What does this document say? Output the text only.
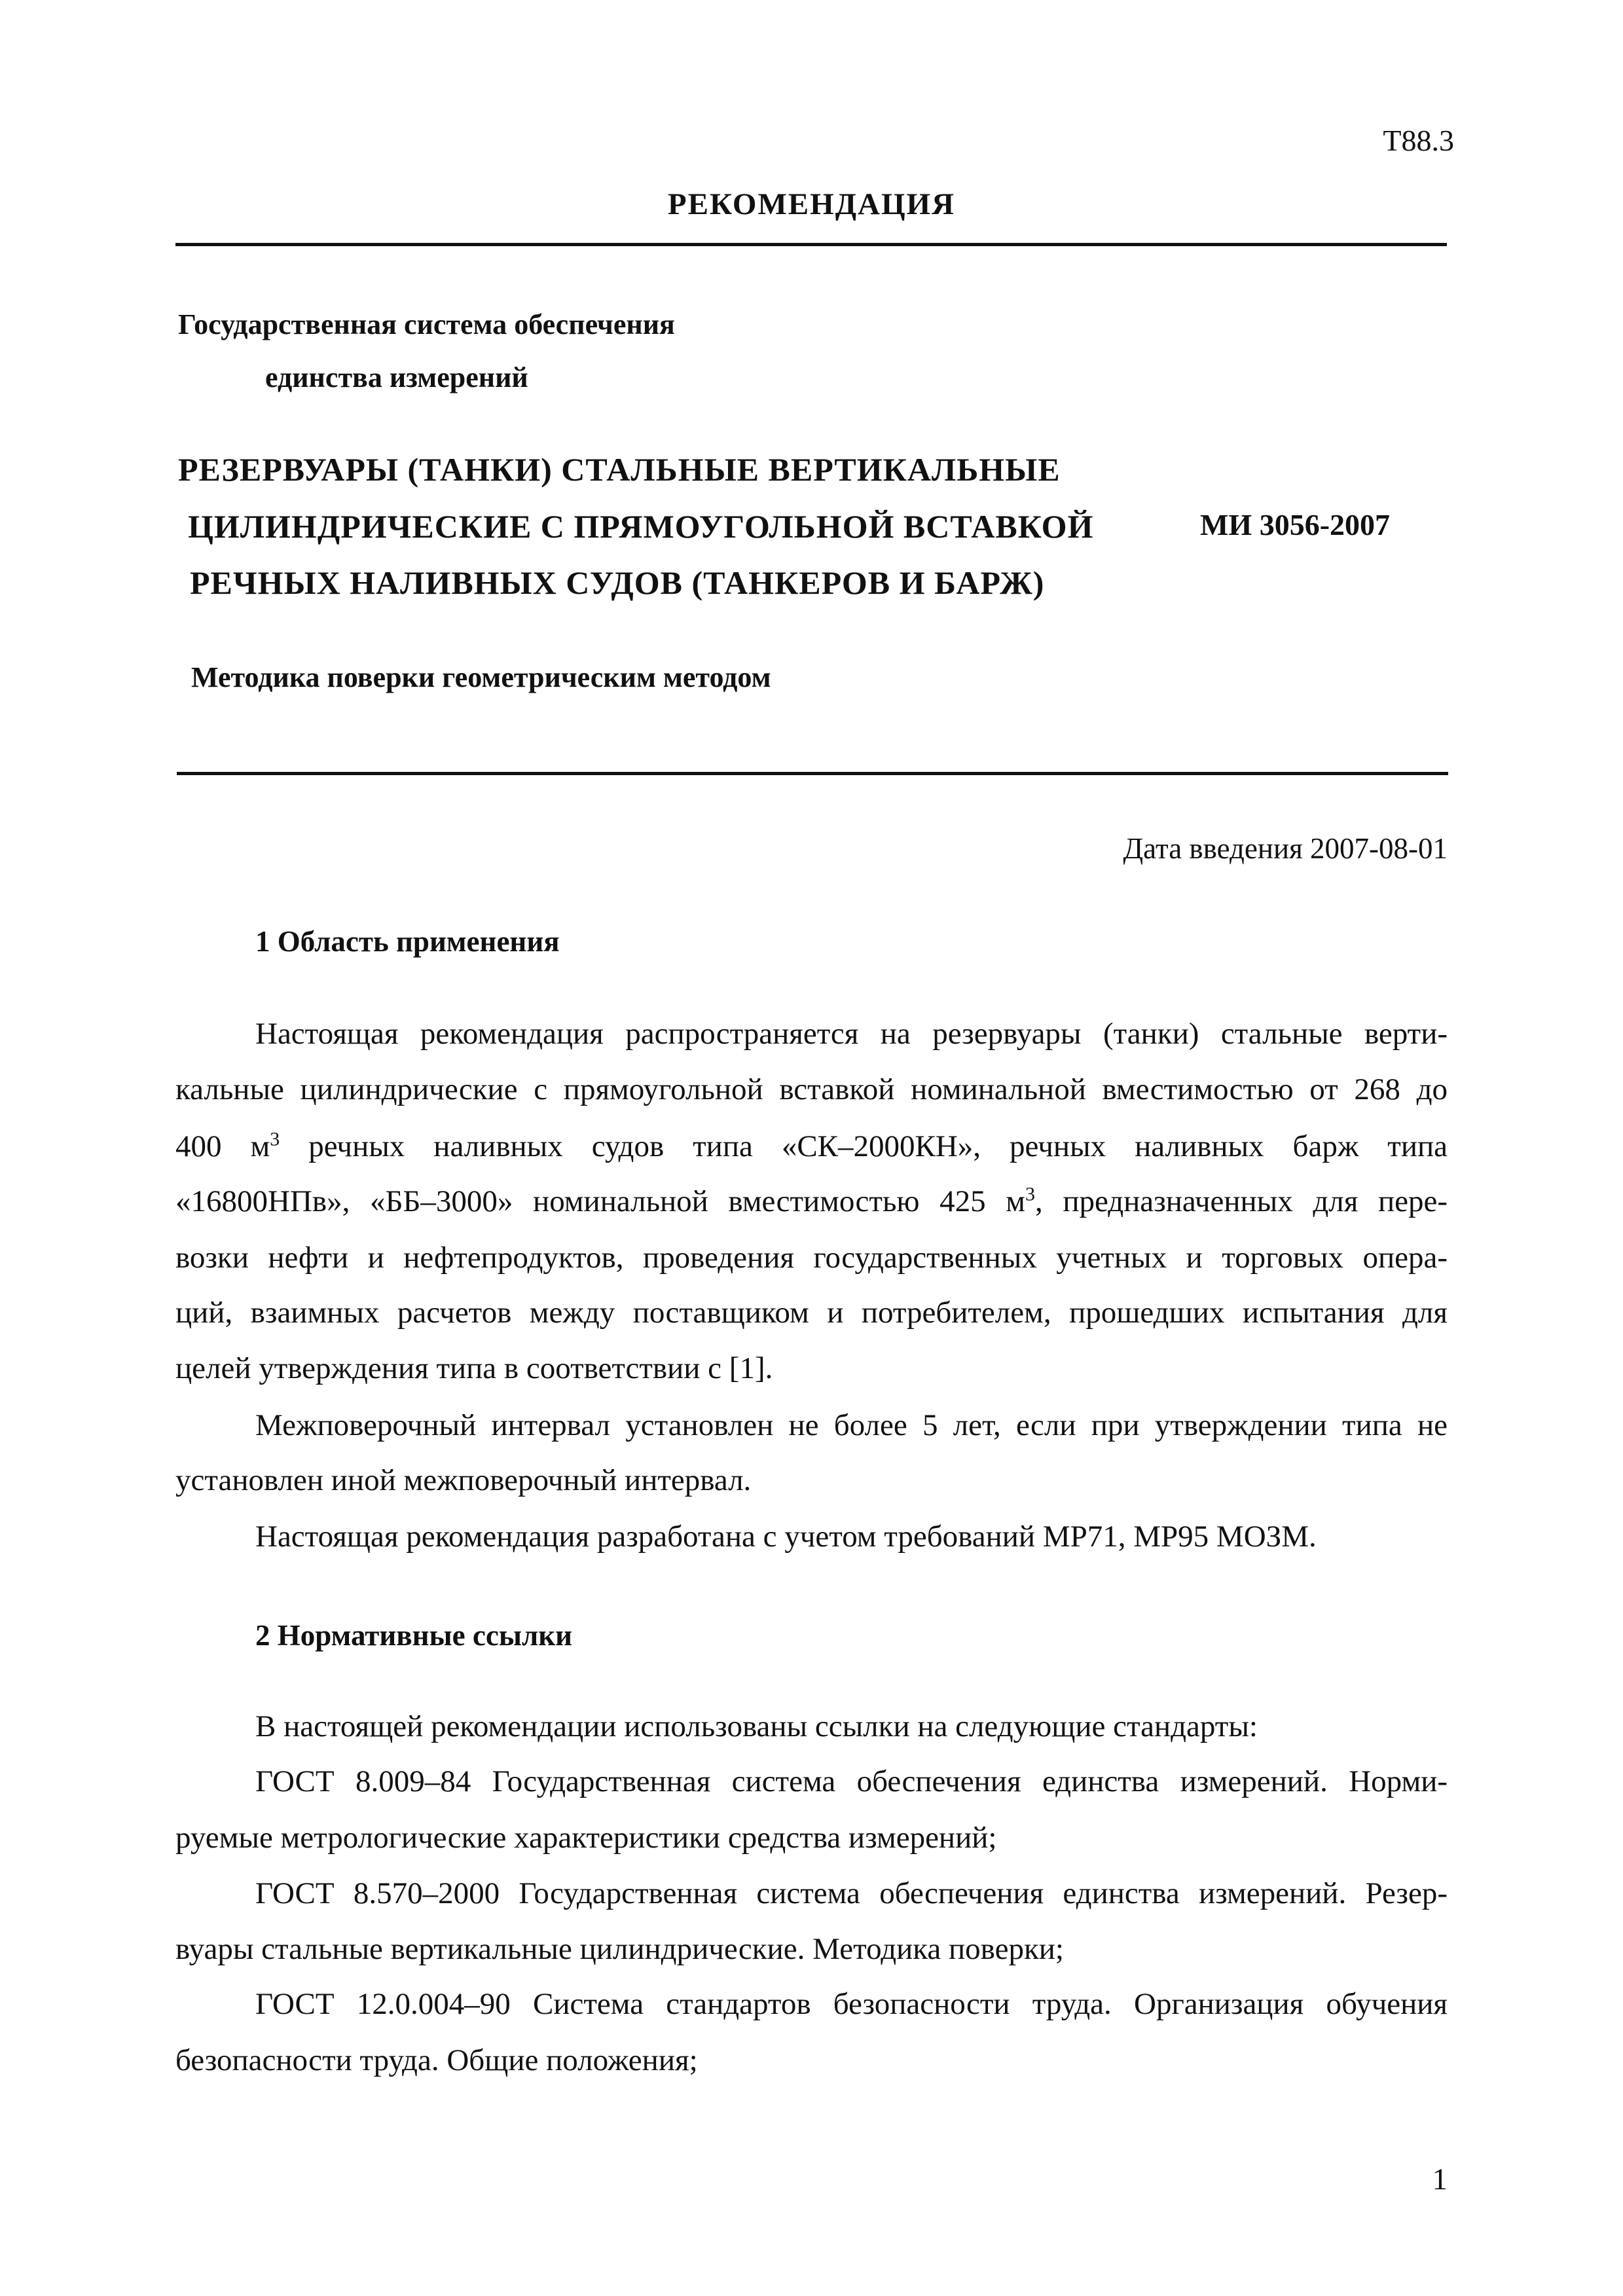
Т88.3
РЕКОМЕНДАЦИЯ
Государственная система обеспечения
единства измерений
РЕЗЕРВУАРЫ (ТАНКИ) СТАЛЬНЫЕ ВЕРТИКАЛЬНЫЕ
ЦИЛИНДРИЧЕСКИЕ С ПРЯМОУГОЛЬНОЙ ВСТАВКОЙ
РЕЧНЫХ НАЛИВНЫХ СУДОВ (ТАНКЕРОВ И БАРЖ)
МИ 3056-2007
Методика поверки геометрическим методом
Дата введения 2007-08-01
1 Область применения
Настоящая рекомендация распространяется на резервуары (танки) стальные верти-
кальные цилиндрические с прямоугольной вставкой номинальной вместимостью от 268 до
400 $м^3$ речных наливных судов типа «СК–2000КН», речных наливных барж типа
«16800НПв», «ББ–3000» номинальной вместимостью 425 $м^3$, предназначенных для пере-
возки нефти и нефтепродуктов, проведения государственных учетных и торговых опера-
ций, взаимных расчетов между поставщиком и потребителем, прошедших испытания для
целей утверждения типа в соответствии с [1].
Межповерочный интервал установлен не более 5 лет, если при утверждении типа не
установлен иной межповерочный интервал.
Настоящая рекомендация разработана с учетом требований МР71, МР95 МОЗМ.
2 Нормативные ссылки
В настоящей рекомендации использованы ссылки на следующие стандарты:
ГОСТ 8.009–84 Государственная система обеспечения единства измерений. Норми-
руемые метрологические характеристики средства измерений;
ГОСТ 8.570–2000 Государственная система обеспечения единства измерений. Резер-
вуары стальные вертикальные цилиндрические. Методика поверки;
ГОСТ 12.0.004–90 Система стандартов безопасности труда. Организация обучения
безопасности труда. Общие положения;
1
